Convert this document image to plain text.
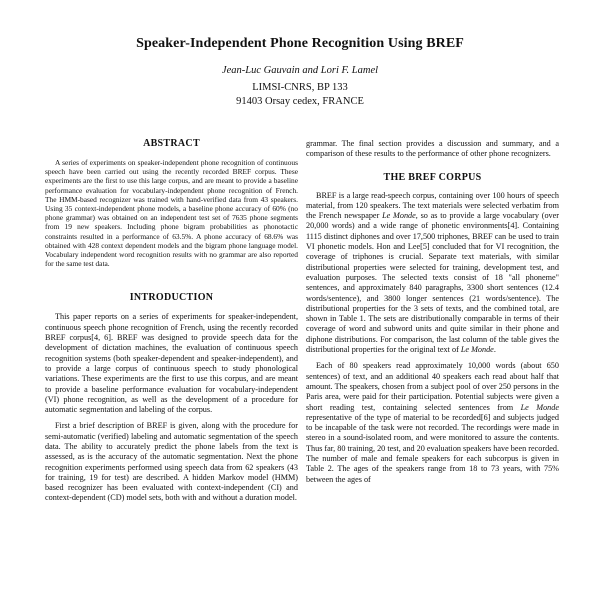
Speaker-Independent Phone Recognition Using BREF
Jean-Luc Gauvain and Lori F. Lamel
LIMSI-CNRS, BP 133
91403 Orsay cedex, FRANCE
ABSTRACT

A series of experiments on speaker-independent phone recognition of continuous speech have been carried out using the recently recorded BREF corpus. These experiments are the first to use this large corpus, and are meant to provide a baseline performance evaluation for vocabulary-independent phone recognition of French. The HMM-based recognizer was trained with hand-verified data from 43 speakers. Using 35 context-independent phone models, a baseline phone accuracy of 60% (no phone grammar) was obtained on an independent test set of 7635 phone segments from 19 new speakers. Including phone bigram probabilities as phonotactic constraints resulted in a performance of 63.5%. A phone accuracy of 68.6% was obtained with 428 context dependent models and the bigram phone language model. Vocabulary independent word recognition results with no grammar are also reported for the same test data.

INTRODUCTION

This paper reports on a series of experiments for speaker-independent, continuous speech phone recognition of French, using the recently recorded BREF corpus[4, 6]. BREF was designed to provide speech data for the development of dictation machines, the evaluation of continuous speech recognition systems (both speaker-dependent and speaker-independent), and to provide a large corpus of continuous speech to study phonological variations. These experiments are the first to use this corpus, and are meant to provide a baseline performance evaluation for vocabulary-independent (VI) phone recognition, as well as the development of a procedure for automatic segmentation and labeling of the corpus.

First a brief description of BREF is given, along with the procedure for semi-automatic (verified) labeling and automatic segmentation of the speech data. The ability to accurately predict the phone labels from the text is assessed, as is the accuracy of the automatic segmentation. Next the phone recognition experiments performed using speech data from 62 speakers (43 for training, 19 for test) are described. A hidden Markov model (HMM) based recognizer has been evaluated with context-independent (CI) and context-dependent (CD) model sets, both with and without a duration model.

grammar. The final section provides a discussion and summary, and a comparison of these results to the performance of other phone recognizers.

THE BREF CORPUS

BREF is a large read-speech corpus, containing over 100 hours of speech material, from 120 speakers. The text materials were selected verbatim from the French newspaper Le Monde, so as to provide a large vocabulary (over 20,000 words) and a wide range of phonetic environments[4]. Containing 1115 distinct diphones and over 17,500 triphones, BREF can be used to train VI phonetic models. Hon and Lee[5] concluded that for VI recognition, the coverage of triphones is crucial. Separate text materials, with similar distributional properties were selected for training, development test, and evaluation purposes. The selected texts consist of 18 "all phoneme" sentences, and approximately 840 paragraphs, 3300 short sentences (12.4 words/sentence), and 3800 longer sentences (21 words/sentence). The distributional properties for the 3 sets of texts, and the combined total, are shown in Table 1. The sets are distributionally comparable in terms of their coverage of word and subword units and quite similar in their phone and diphone distributions. For comparison, the last column of the table gives the distributional properties for the original text of Le Monde.

Each of 80 speakers read approximately 10,000 words (about 650 sentences) of text, and an additional 40 speakers each read about half that amount. The speakers, chosen from a subject pool of over 250 persons in the Paris area, were paid for their participation. Potential subjects were given a short reading test, containing selected sentences from Le Monde representative of the type of material to be recorded[6] and subjects judged to be incapable of the task were not recorded. The recordings were made in stereo in a sound-isolated room, and were monitored to assure the contents. Thus far, 80 training, 20 test, and 20 evaluation speakers have been recorded. The number of male and female speakers for each subcorpus is given in Table 2. The ages of the speakers range from 18 to 73 years, with 75% between the ages of
